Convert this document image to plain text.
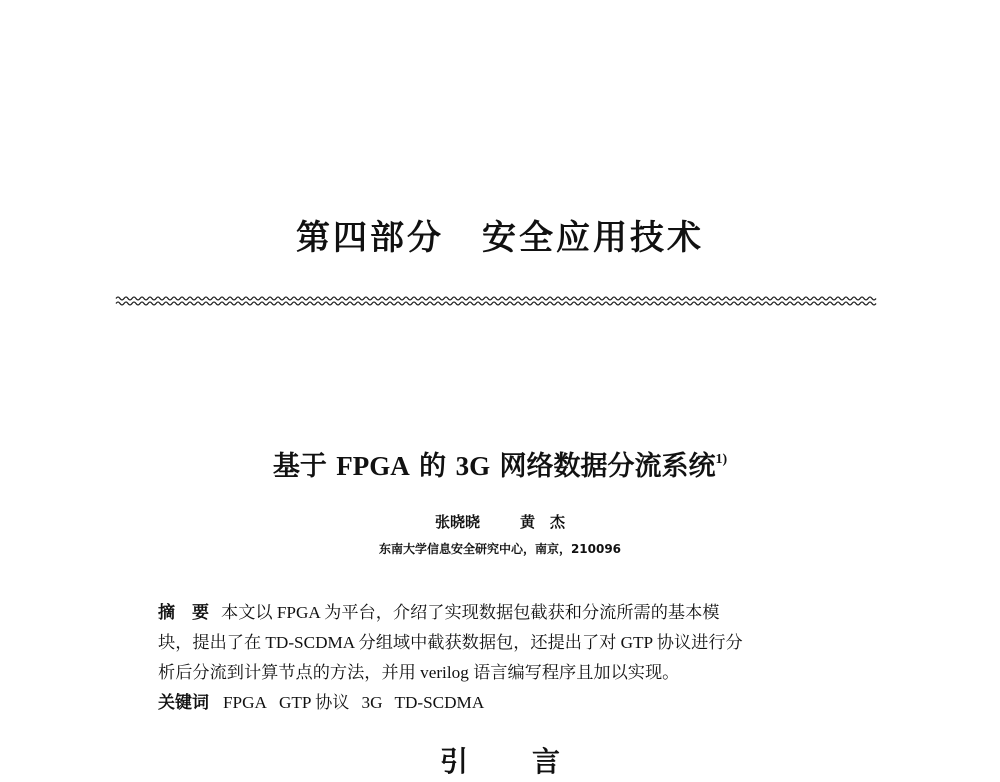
第四部分 安全应用技术
基于 FPGA 的 3G 网络数据分流系统$^{1)}$
张晓晓	黄　杰
东南大学信息安全研究中心，南京，210096
摘　要 本文以 FPGA 为平台，介绍了实现数据包截获和分流所需的基本模
块，提出了在 TD-SCDMA 分组域中截获数据包，还提出了对 GTP 协议进行分
析后分流到计算节点的方法，并用 verilog 语言编写程序且加以实现。
关键词 FPGA GTP 协议 3G TD-SCDMA
引 言
